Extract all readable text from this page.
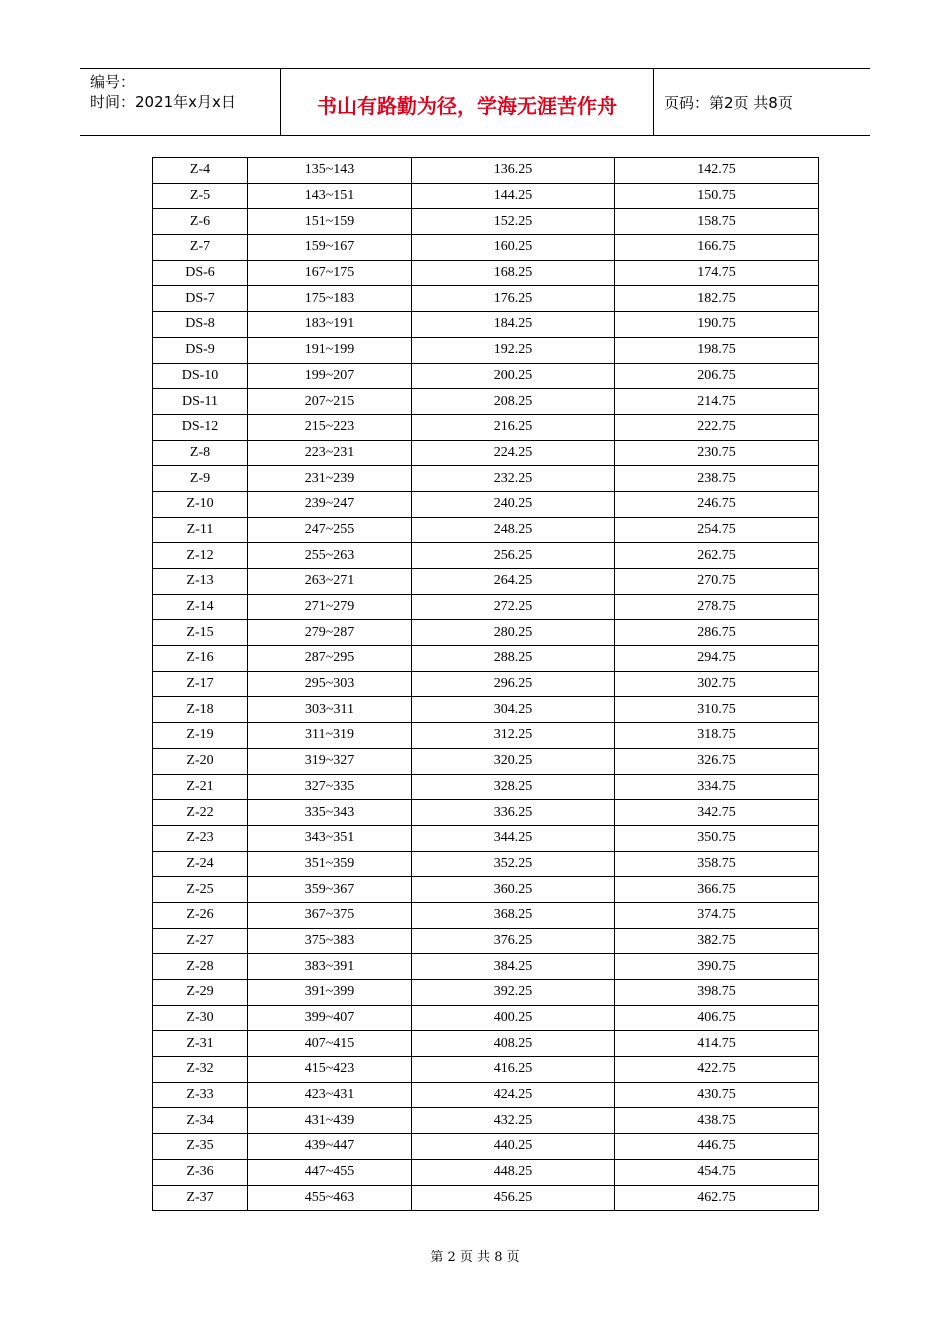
编号：
时间：2021年x月x日	书山有路勤为径，学海无涯苦作舟	页码：第2页 共8页
Z-4	135~143	136.25	142.75
Z-5	143~151	144.25	150.75
Z-6	151~159	152.25	158.75
Z-7	159~167	160.25	166.75
DS-6	167~175	168.25	174.75
DS-7	175~183	176.25	182.75
DS-8	183~191	184.25	190.75
DS-9	191~199	192.25	198.75
DS-10	199~207	200.25	206.75
DS-11	207~215	208.25	214.75
DS-12	215~223	216.25	222.75
Z-8	223~231	224.25	230.75
Z-9	231~239	232.25	238.75
Z-10	239~247	240.25	246.75
Z-11	247~255	248.25	254.75
Z-12	255~263	256.25	262.75
Z-13	263~271	264.25	270.75
Z-14	271~279	272.25	278.75
Z-15	279~287	280.25	286.75
Z-16	287~295	288.25	294.75
Z-17	295~303	296.25	302.75
Z-18	303~311	304.25	310.75
Z-19	311~319	312.25	318.75
Z-20	319~327	320.25	326.75
Z-21	327~335	328.25	334.75
Z-22	335~343	336.25	342.75
Z-23	343~351	344.25	350.75
Z-24	351~359	352.25	358.75
Z-25	359~367	360.25	366.75
Z-26	367~375	368.25	374.75
Z-27	375~383	376.25	382.75
Z-28	383~391	384.25	390.75
Z-29	391~399	392.25	398.75
Z-30	399~407	400.25	406.75
Z-31	407~415	408.25	414.75
Z-32	415~423	416.25	422.75
Z-33	423~431	424.25	430.75
Z-34	431~439	432.25	438.75
Z-35	439~447	440.25	446.75
Z-36	447~455	448.25	454.75
Z-37	455~463	456.25	462.75
第 2 页 共 8 页
